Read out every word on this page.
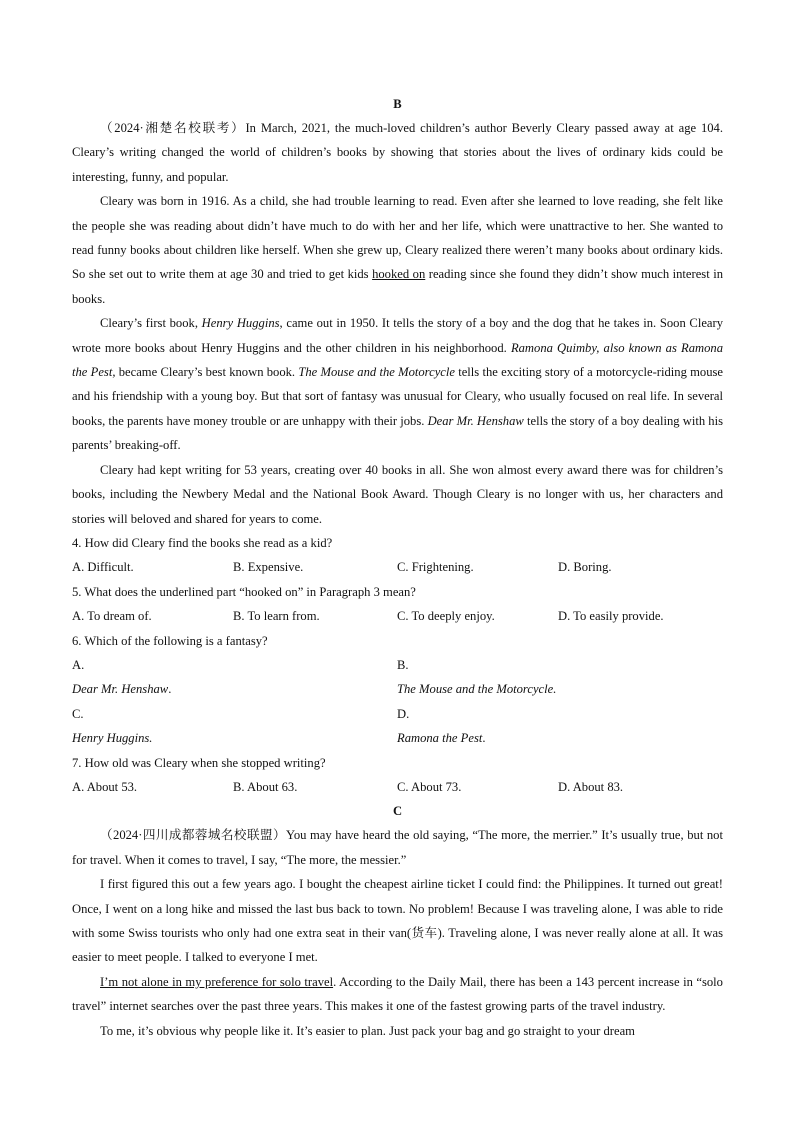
B

（2024·湘楚名校联考）In March, 2021, the much-loved children’s author Beverly Cleary passed away at age 104. Cleary’s writing changed the world of children’s books by showing that stories about the lives of ordinary kids could be interesting, funny, and popular.

Cleary was born in 1916. As a child, she had trouble learning to read. Even after she learned to love reading, she felt like the people she was reading about didn’t have much to do with her and her life, which were unattractive to her. She wanted to read funny books about children like herself. When she grew up, Cleary realized there weren’t many books about ordinary kids. So she set out to write them at age 30 and tried to get kids hooked on reading since she found they didn’t show much interest in books.

Cleary’s first book, Henry Huggins, came out in 1950. It tells the story of a boy and the dog that he takes in. Soon Cleary wrote more books about Henry Huggins and the other children in his neighborhood. Ramona Quimby, also known as Ramona the Pest, became Cleary’s best known book. The Mouse and the Motorcycle tells the exciting story of a motorcycle-riding mouse and his friendship with a young boy. But that sort of fantasy was unusual for Cleary, who usually focused on real life. In several books, the parents have money trouble or are unhappy with their jobs. Dear Mr. Henshaw tells the story of a boy dealing with his parents’ breaking-off.

Cleary had kept writing for 53 years, creating over 40 books in all. She won almost every award there was for children’s books, including the Newbery Medal and the National Book Award. Though Cleary is no longer with us, her characters and stories will beloved and shared for years to come.

4. How did Cleary find the books she read as a kid?
A. Difficult.	B. Expensive.	C. Frightening.	D. Boring.
5. What does the underlined part “hooked on” in Paragraph 3 mean?
A. To dream of.	B. To learn from.	C. To deeply enjoy.	D. To easily provide.
6. Which of the following is a fantasy?
A.
Dear Mr. Henshaw.
B.
The Mouse and the Motorcycle.
C.
Henry Huggins.
D.
Ramona the Pest.
7. How old was Cleary when she stopped writing?
A. About 53.	B. About 63.	C. About 73.	D. About 83.
C

（2024·四川成都蓉城名校联盟）You may have heard the old saying, “The more, the merrier.” It’s usually true, but not for travel. When it comes to travel, I say, “The more, the messier.”

I first figured this out a few years ago. I bought the cheapest airline ticket I could find: the Philippines. It turned out great! Once, I went on a long hike and missed the last bus back to town. No problem! Because I was traveling alone, I was able to ride with some Swiss tourists who only had one extra seat in their van(货车). Traveling alone, I was never really alone at all. It was easier to meet people. I talked to everyone I met.

I’m not alone in my preference for solo travel. According to the Daily Mail, there has been a 143 percent increase in “solo travel” internet searches over the past three years. This makes it one of the fastest growing parts of the travel industry.

To me, it’s obvious why people like it. It’s easier to plan. Just pack your bag and go straight to your dream
